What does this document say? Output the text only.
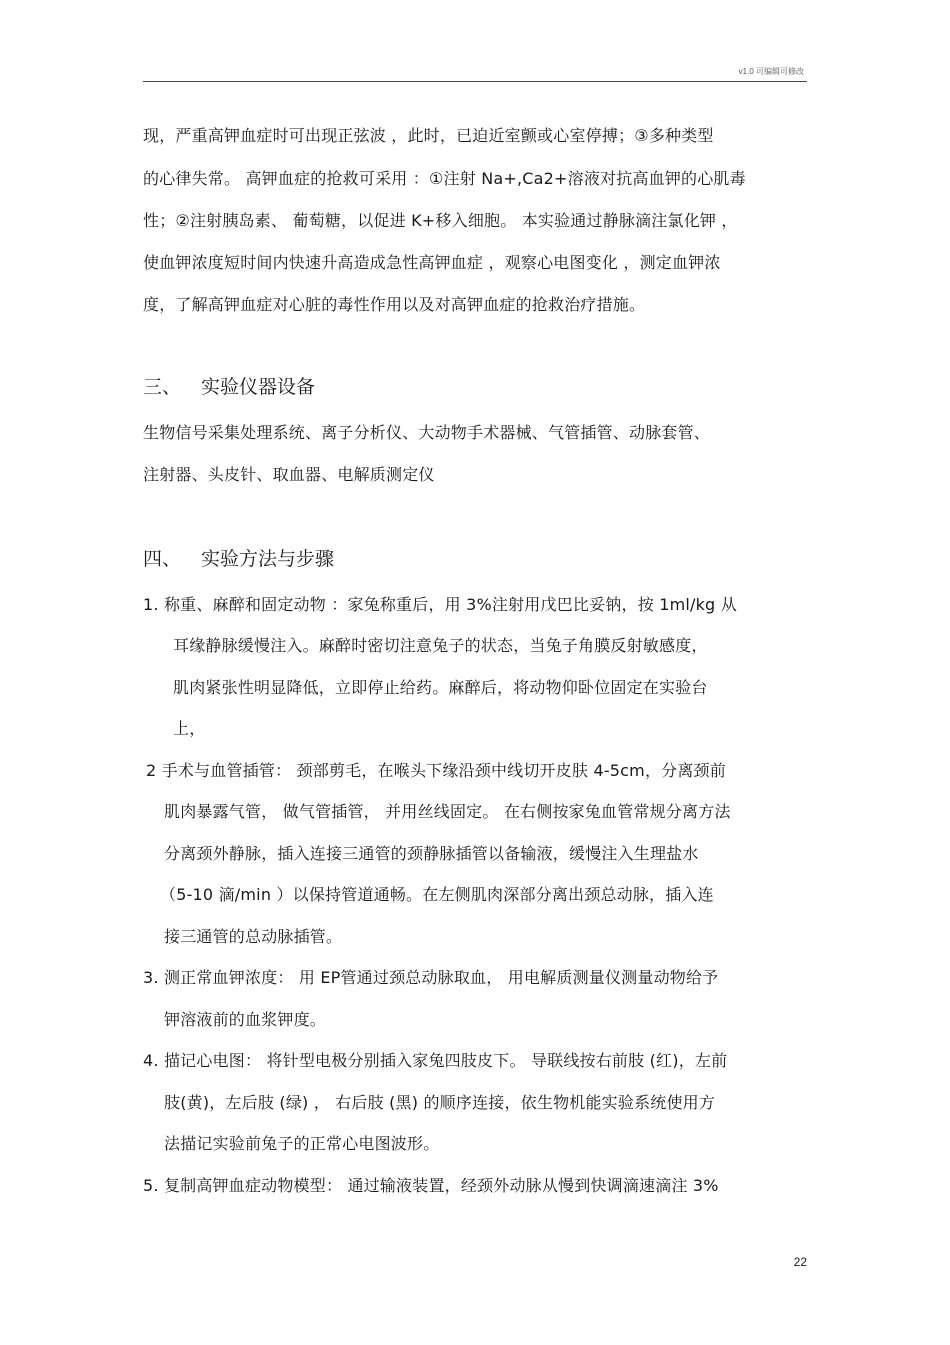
v1.0 可编辑可修改
现，严重高钾血症时可出现正弦波 ，此时，已迫近室颤或心室停搏；③多种类型
的心律失常。 高钾血症的抢救可采用 ：①注射 Na+,Ca2+溶液对抗高血钾的心肌毒
性；②注射胰岛素、 葡萄糖，以促进 K+移入细胞。 本实验通过静脉滴注氯化钾 ，
使血钾浓度短时间内快速升高造成急性高钾血症 ，观察心电图变化 ，测定血钾浓
度，了解高钾血症对心脏的毒性作用以及对高钾血症的抢救治疗措施。
三、 实验仪器设备
生物信号采集处理系统、离子分析仪、大动物手术器械、气管插管、动脉套管、
注射器、头皮针、取血器、电解质测定仪
四、 实验方法与步骤
1. 称重、麻醉和固定动物 ：家兔称重后，用 3%注射用戊巴比妥钠，按 1ml/kg 从
耳缘静脉缓慢注入。麻醉时密切注意兔子的状态，当兔子角膜反射敏感度，
肌肉紧张性明显降低，立即停止给药。麻醉后，将动物仰卧位固定在实验台
上，
2 手术与血管插管： 颈部剪毛，在喉头下缘沿颈中线切开皮肤 4-5cm，分离颈前
肌肉暴露气管， 做气管插管， 并用丝线固定。 在右侧按家兔血管常规分离方法
分离颈外静脉，插入连接三通管的颈静脉插管以备输液，缓慢注入生理盐水
（5-10 滴/min ）以保持管道通畅。在左侧肌肉深部分离出颈总动脉，插入连
接三通管的总动脉插管。
3. 测正常血钾浓度： 用 EP管通过颈总动脉取血， 用电解质测量仪测量动物给予
钾溶液前的血浆钾度。
4. 描记心电图： 将针型电极分别插入家兔四肢皮下。 导联线按右前肢 (红)，左前
肢(黄)，左后肢 (绿) ， 右后肢 (黑) 的顺序连接，依生物机能实验系统使用方
法描记实验前兔子的正常心电图波形。
5. 复制高钾血症动物模型： 通过输液装置，经颈外动脉从慢到快调滴速滴注 3%
22
